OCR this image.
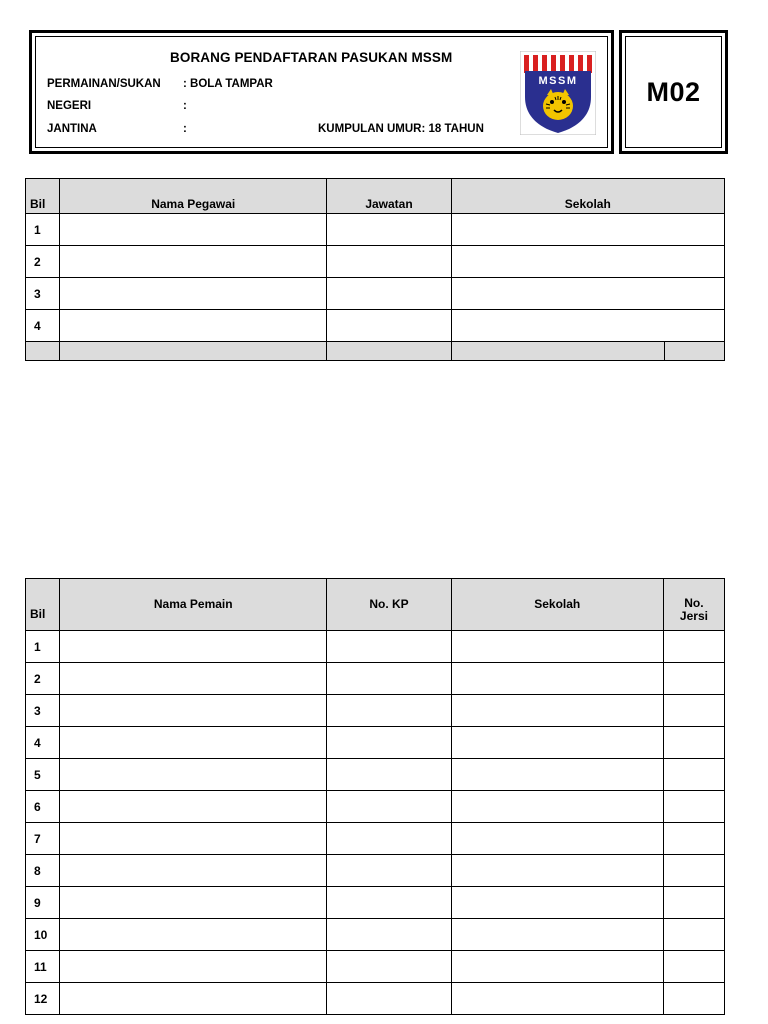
BORANG PENDAFTARAN PASUKAN MSSM
PERMAINAN/SUKAN : BOLA TAMPAR
NEGERI	:
JANTINA	:	KUMPULAN UMUR: 18 TAHUN
MSSM	M02
Bil	Nama Pegawai	Jawatan	Sekolah
1			
2			
3			
4			

Bil	Nama Pemain	No. KP	Sekolah	No.
Jersi
1				
2				
3				
4				
5				
6				
7				
8				
9				
10				
11				
12				
